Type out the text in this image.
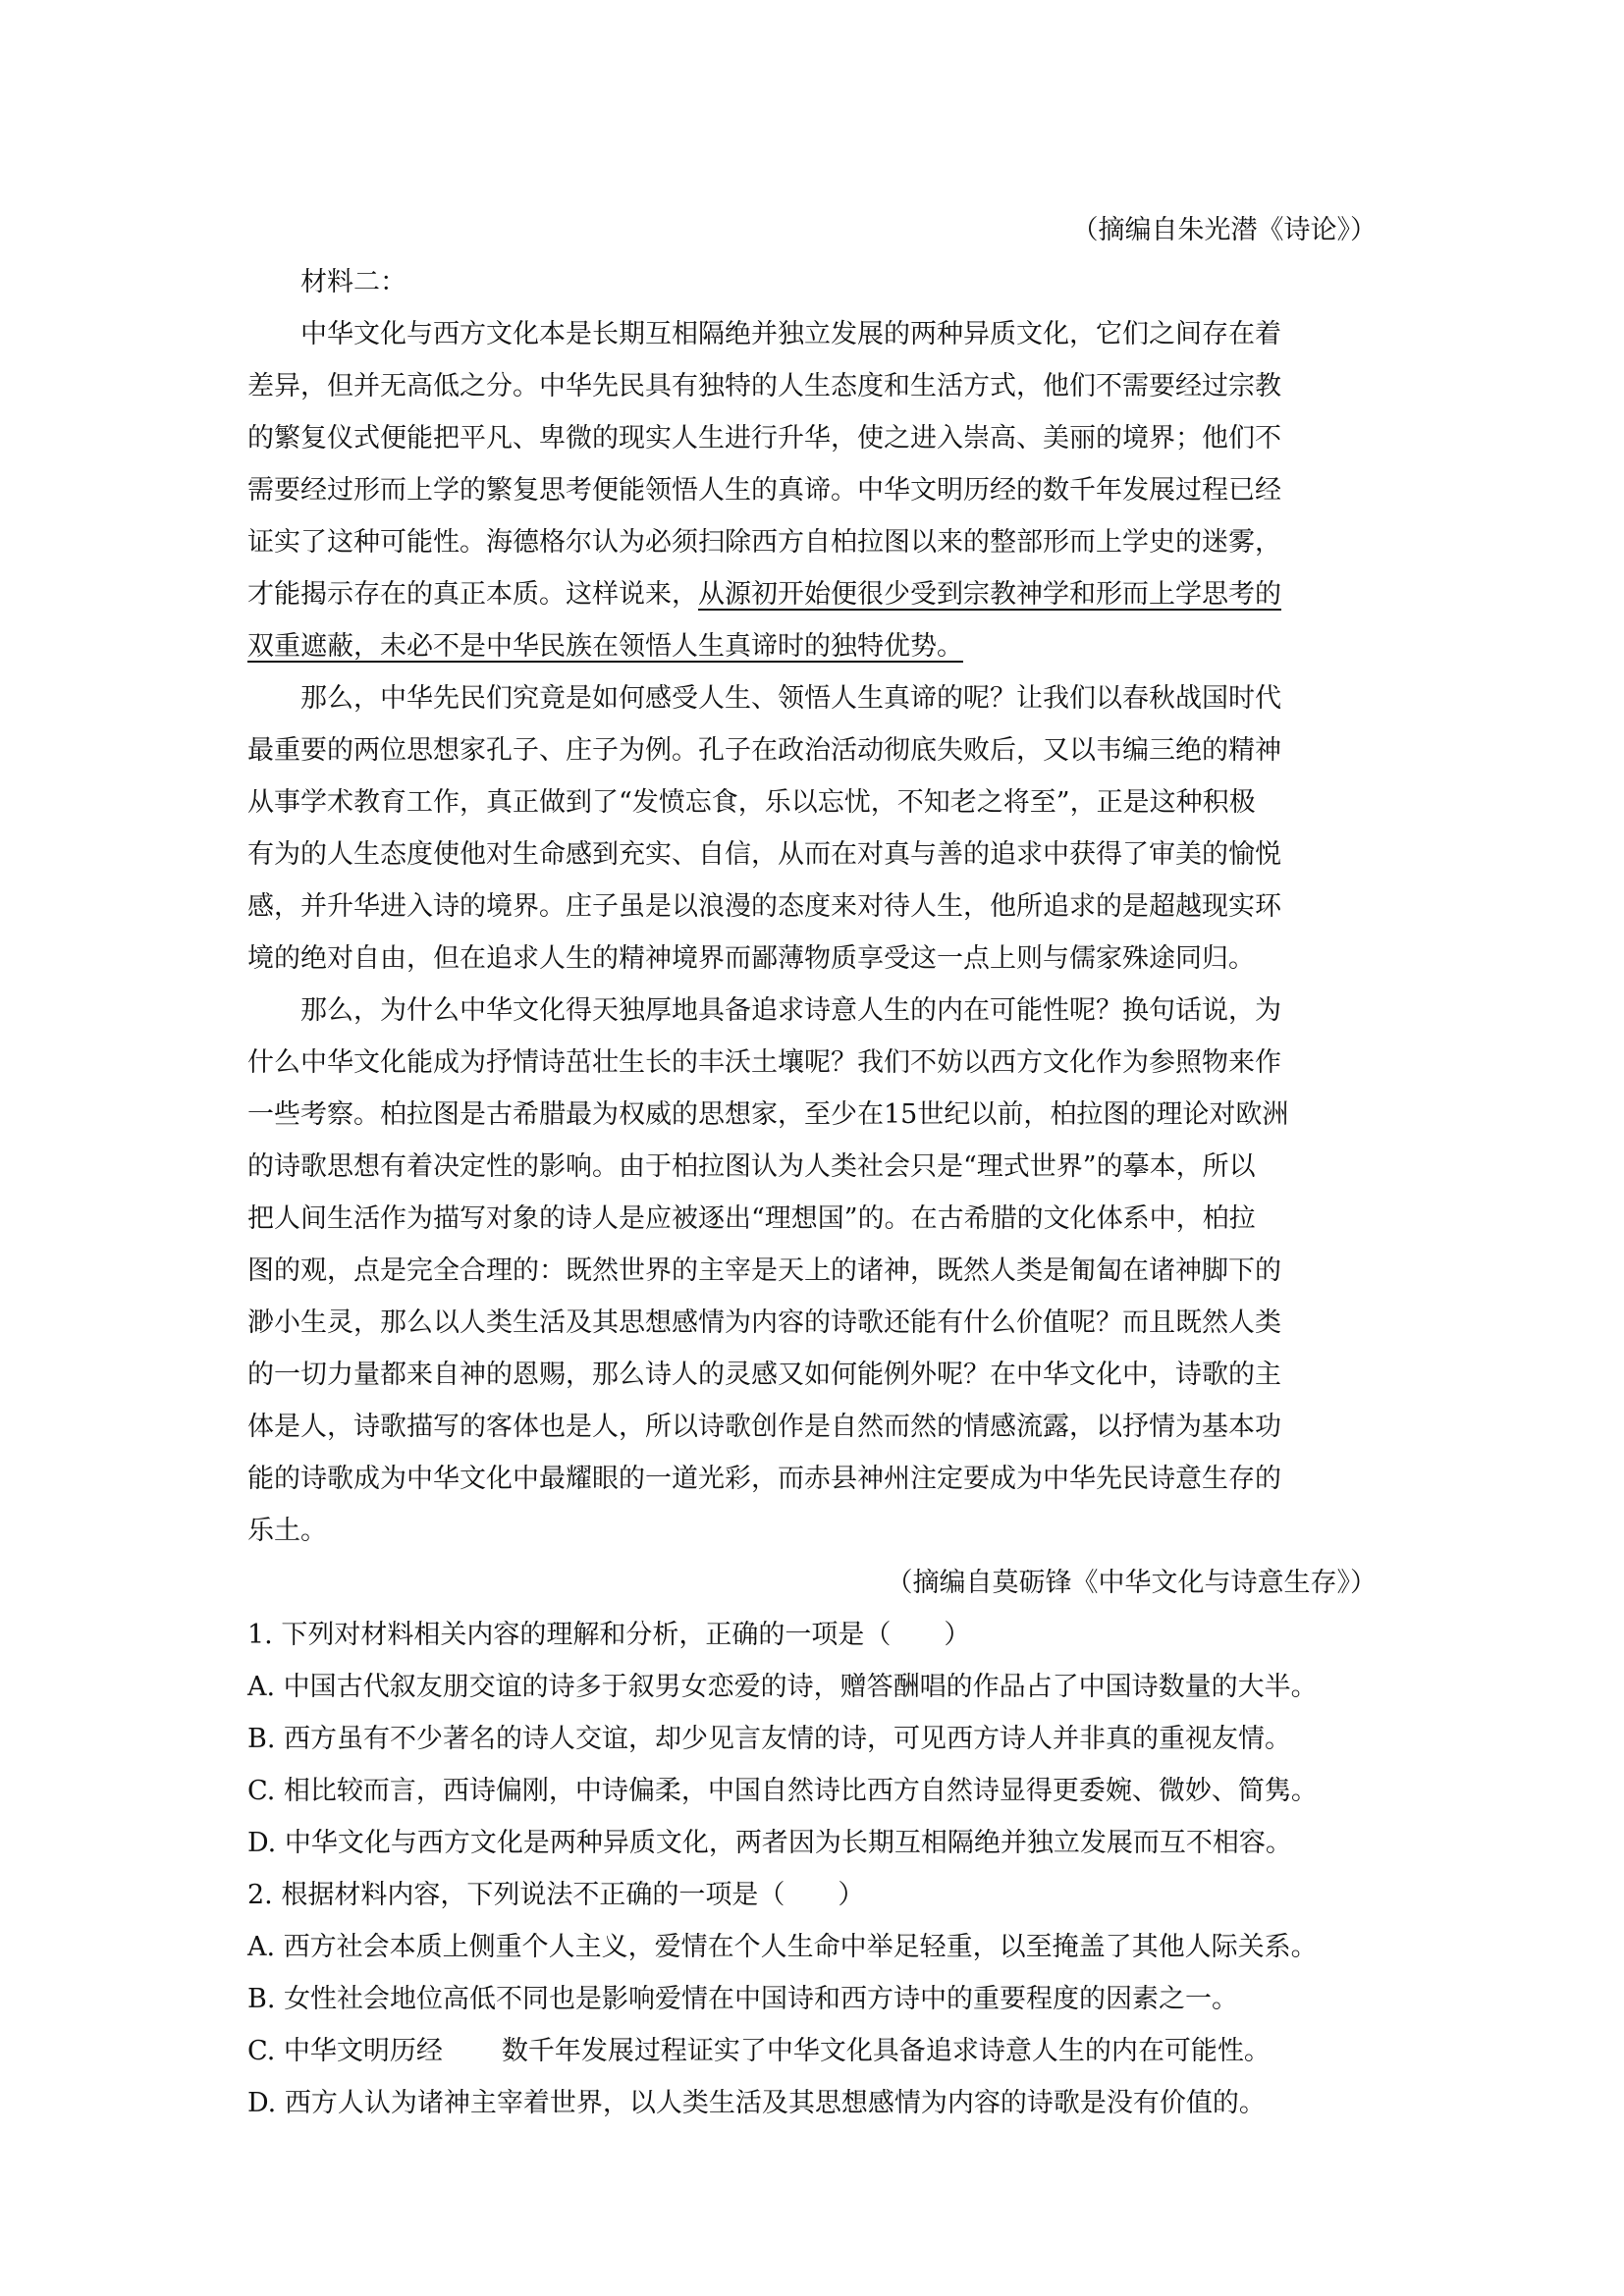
（摘编自朱光潜《诗论》）

材料二：

中华文化与西方文化本是长期互相隔绝并独立发展的两种异质文化，它们之间存在着

差异，但并无高低之分。中华先民具有独特的人生态度和生活方式，他们不需要经过宗教

的繁复仪式便能把平凡、卑微的现实人生进行升华，使之进入崇高、美丽的境界；他们不

需要经过形而上学的繁复思考便能领悟人生的真谛。中华文明历经的数千年发展过程已经

证实了这种可能性。海德格尔认为必须扫除西方自柏拉图以来的整部形而上学史的迷雾，

才能揭示存在的真正本质。这样说来，从源初开始便很少受到宗教神学和形而上学思考的

双重遮蔽，未必不是中华民族在领悟人生真谛时的独特优势。

那么，中华先民们究竟是如何感受人生、领悟人生真谛的呢？让我们以春秋战国时代

最重要的两位思想家孔子、庄子为例。孔子在政治活动彻底失败后，又以韦编三绝的精神

从事学术教育工作，真正做到了“发愤忘食，乐以忘忧，不知老之将至”，正是这种积极

有为的人生态度使他对生命感到充实、自信，从而在对真与善的追求中获得了审美的愉悦

感，并升华进入诗的境界。庄子虽是以浪漫的态度来对待人生，他所追求的是超越现实环

境的绝对自由，但在追求人生的精神境界而鄙薄物质享受这一点上则与儒家殊途同归。

那么，为什么中华文化得天独厚地具备追求诗意人生的内在可能性呢？换句话说，为

什么中华文化能成为抒情诗茁壮生长的丰沃土壤呢？我们不妨以西方文化作为参照物来作

一些考察。柏拉图是古希腊最为权威的思想家，至少在15世纪以前，柏拉图的理论对欧洲

的诗歌思想有着决定性的影响。由于柏拉图认为人类社会只是“理式世界”的摹本，所以

把人间生活作为描写对象的诗人是应被逐出“理想国”的。在古希腊的文化体系中，柏拉

图的观，点是完全合理的：既然世界的主宰是天上的诸神，既然人类是匍匐在诸神脚下的

渺小生灵，那么以人类生活及其思想感情为内容的诗歌还能有什么价值呢？而且既然人类

的一切力量都来自神的恩赐，那么诗人的灵感又如何能例外呢？在中华文化中，诗歌的主

体是人，诗歌描写的客体也是人，所以诗歌创作是自然而然的情感流露，以抒情为基本功

能的诗歌成为中华文化中最耀眼的一道光彩，而赤县神州注定要成为中华先民诗意生存的

乐土。

（摘编自莫砺锋《中华文化与诗意生存》）

1. 下列对材料相关内容的理解和分析，正确的一项是（　　）

A. 中国古代叙友朋交谊的诗多于叙男女恋爱的诗，赠答酬唱的作品占了中国诗数量的大半。

B. 西方虽有不少著名的诗人交谊，却少见言友情的诗，可见西方诗人并非真的重视友情。

C. 相比较而言，西诗偏刚，中诗偏柔，中国自然诗比西方自然诗显得更委婉、微妙、简隽。

D. 中华文化与西方文化是两种异质文化，两者因为长期互相隔绝并独立发展而互不相容。

2. 根据材料内容，下列说法不正确的一项是（　　）

A. 西方社会本质上侧重个人主义，爱情在个人生命中举足轻重，以至掩盖了其他人际关系。

B. 女性社会地位高低不同也是影响爱情在中国诗和西方诗中的重要程度的因素之一。

C. 中华文明历经 数千年发展过程证实了中华文化具备追求诗意人生的内在可能性。

D. 西方人认为诸神主宰着世界，以人类生活及其思想感情为内容的诗歌是没有价值的。
